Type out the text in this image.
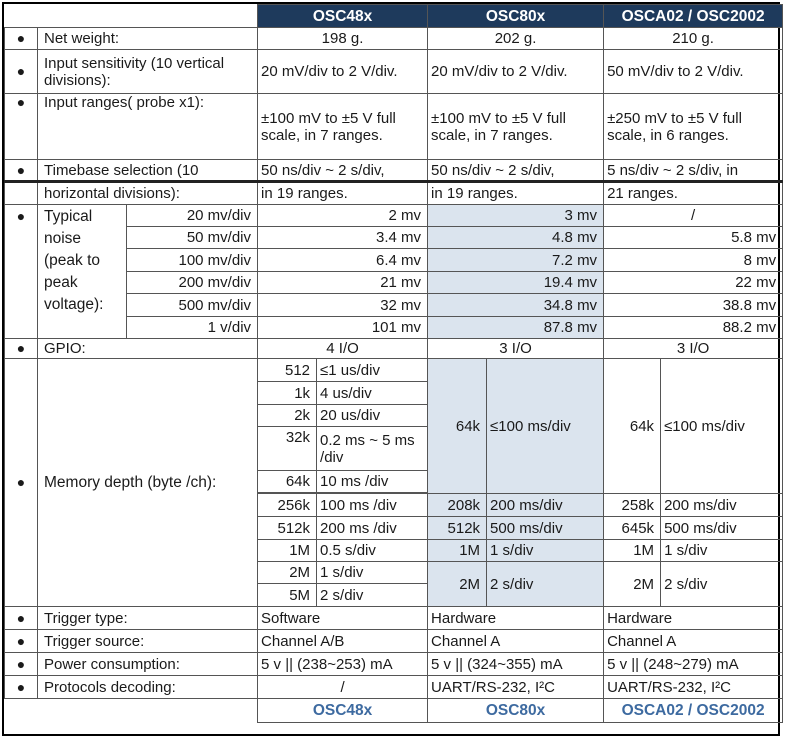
			OSC48x		OSC80x		OSCA02 / OSC2002	
●	Net weight:		198 g.		202 g.		210 g.	
●	Input sensitivity (10 vertical divisions):		20 mV/div to 2 V/div.		20 mV/div to 2 V/div.		50 mV/div to 2 V/div.	
●	Input ranges( probe x1):		±100 mV to ±5 V full scale, in 7 ranges.		±100 mV to ±5 V full scale, in 7 ranges.		±250 mV to ±5 V full scale, in 6 ranges.	
●	Timebase selection (10		50 ns/div ~ 2 s/div,		50 ns/div ~ 2 s/div,		5 ns/div ~ 2 s/div, in	
	horizontal divisions):		in 19 ranges.		in 19 ranges.		21 ranges.	
●	Typical noise (peak to peak voltage):	20 mv/div	2 mv		3 mv		/	
		50 mv/div	3.4 mv		4.8 mv		5.8 mv	
		100 mv/div	6.4 mv		7.2 mv		8 mv	
		200 mv/div	21 mv		19.4 mv		22 mv	
		500 mv/div	32 mv		34.8 mv		38.8 mv	
		1 v/div	101 mv		87.8 mv		88.2 mv	
●	GPIO:		4 I/O		3 I/O		3 I/O	
●	Memory depth (byte /ch):		512	≤1 us/div	64k	≤100 ms/div	64k	≤100 ms/div
			1k	4 us/div				
			2k	20 us/div				
			32k	0.2 ms ~ 5 ms /div				
			64k	10 ms /div				

			256k	100 ms /div	208k	200 ms/div	258k	200 ms/div
			512k	200 ms /div	512k	500 ms/div	645k	500 ms/div
			1M	0.5 s/div	1M	1 s/div	1M	1 s/div
			2M	1 s/div	2M	2 s/div	2M	2 s/div
			5M	2 s/div				
●	Trigger type:		Software		Hardware		Hardware	
●	Trigger source:		Channel A/B		Channel A		Channel A	
●	Power consumption:		5 v || (238~253) mA		5 v || (324~355) mA		5 v || (248~279) mA	
●	Protocols decoding:		/		UART/RS-232, I²C		UART/RS-232, I²C	
			OSC48x		OSC80x		OSCA02 / OSC2002	
